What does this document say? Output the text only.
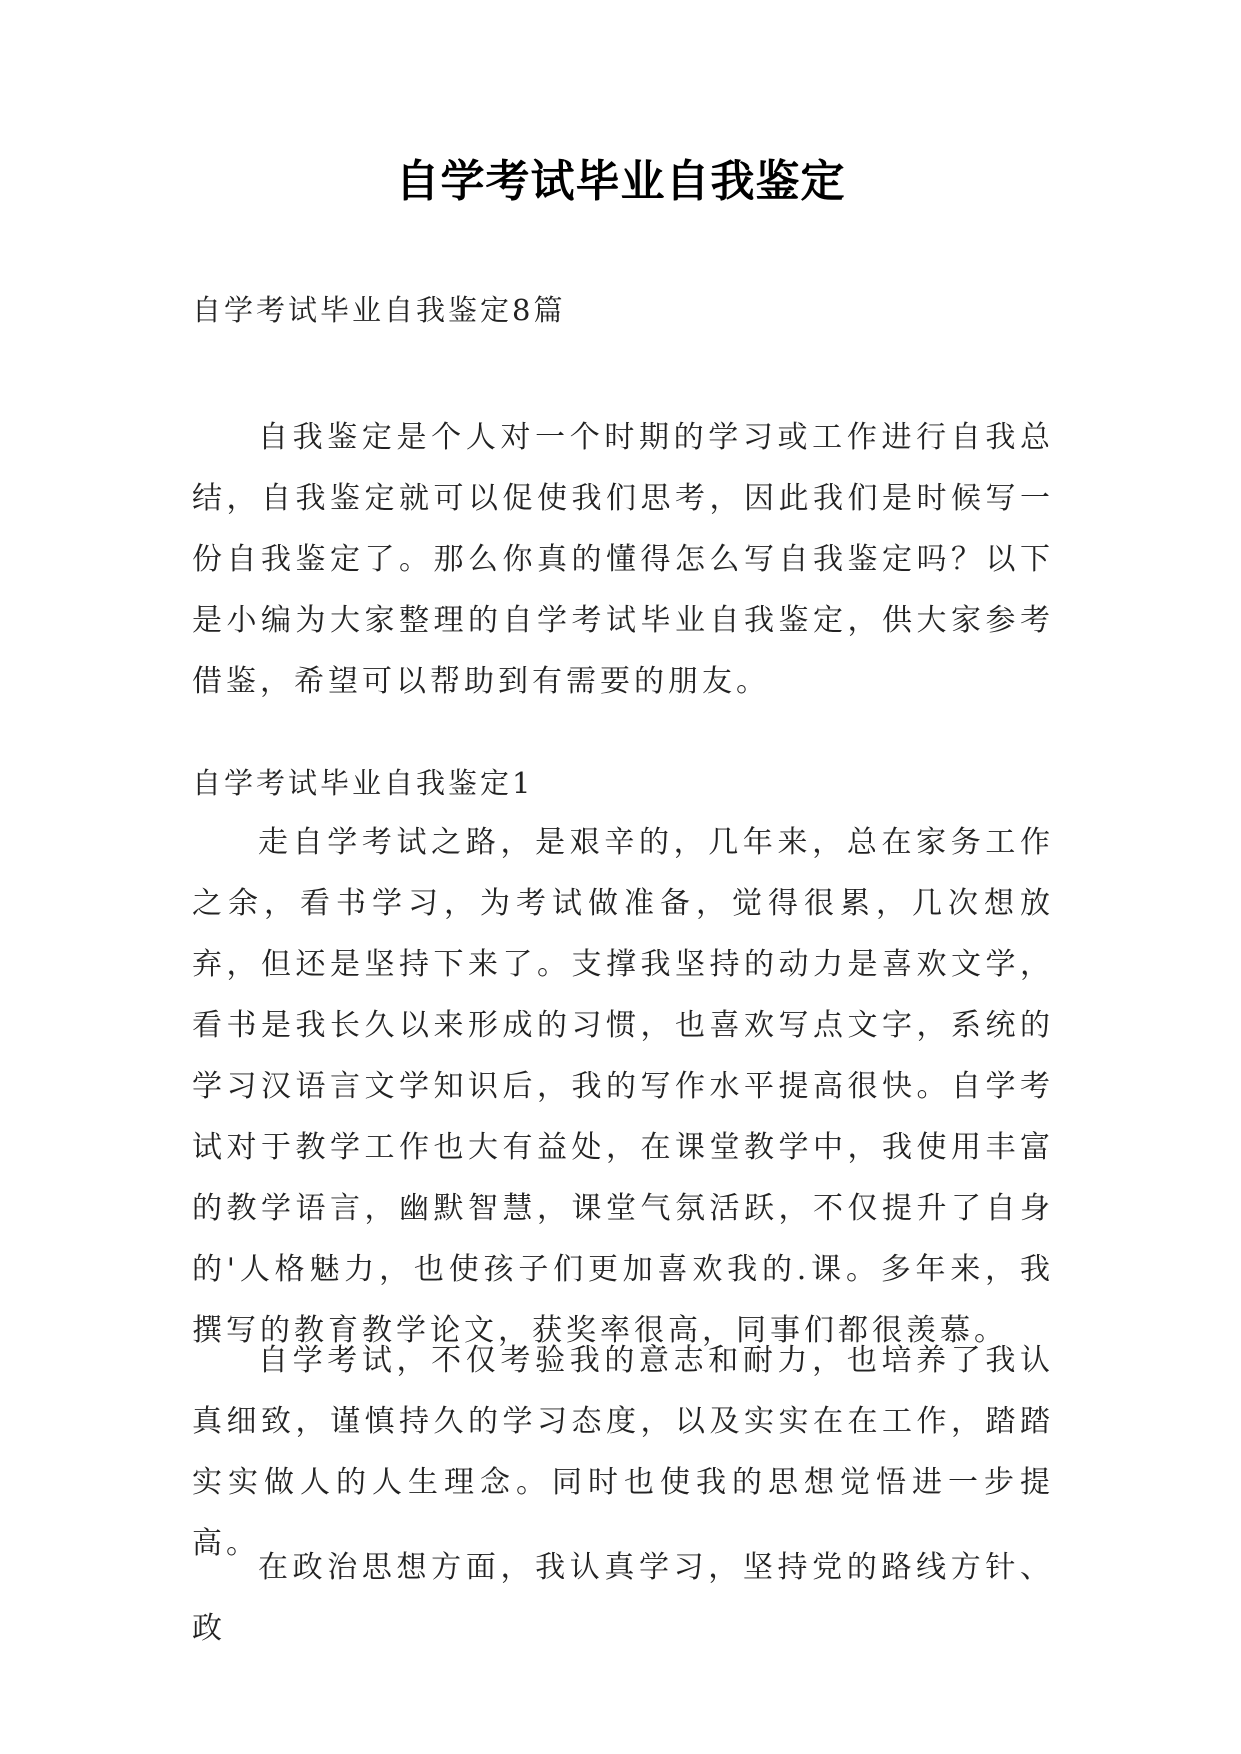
自学考试毕业自我鉴定
自学考试毕业自我鉴定8篇

自我鉴定是个人对一个时期的学习或工作进行自我总结，自我鉴定就可以促使我们思考，因此我们是时候写一份自我鉴定了。那么你真的懂得怎么写自我鉴定吗？以下是小编为大家整理的自学考试毕业自我鉴定，供大家参考借鉴，希望可以帮助到有需要的朋友。

自学考试毕业自我鉴定1

走自学考试之路，是艰辛的，几年来，总在家务工作之余，看书学习，为考试做准备，觉得很累，几次想放弃，但还是坚持下来了。支撑我坚持的动力是喜欢文学，看书是我长久以来形成的习惯，也喜欢写点文字，系统的学习汉语言文学知识后，我的写作水平提高很快。自学考试对于教学工作也大有益处，在课堂教学中，我使用丰富的教学语言，幽默智慧，课堂气氛活跃，不仅提升了自身的'人格魅力，也使孩子们更加喜欢我的.课。多年来，我撰写的教育教学论文，获奖率很高，同事们都很羡慕。

自学考试，不仅考验我的意志和耐力，也培养了我认真细致，谨慎持久的学习态度，以及实实在在工作，踏踏实实做人的人生理念。同时也使我的思想觉悟进一步提高。

在政治思想方面，我认真学习，坚持党的路线方针、政
